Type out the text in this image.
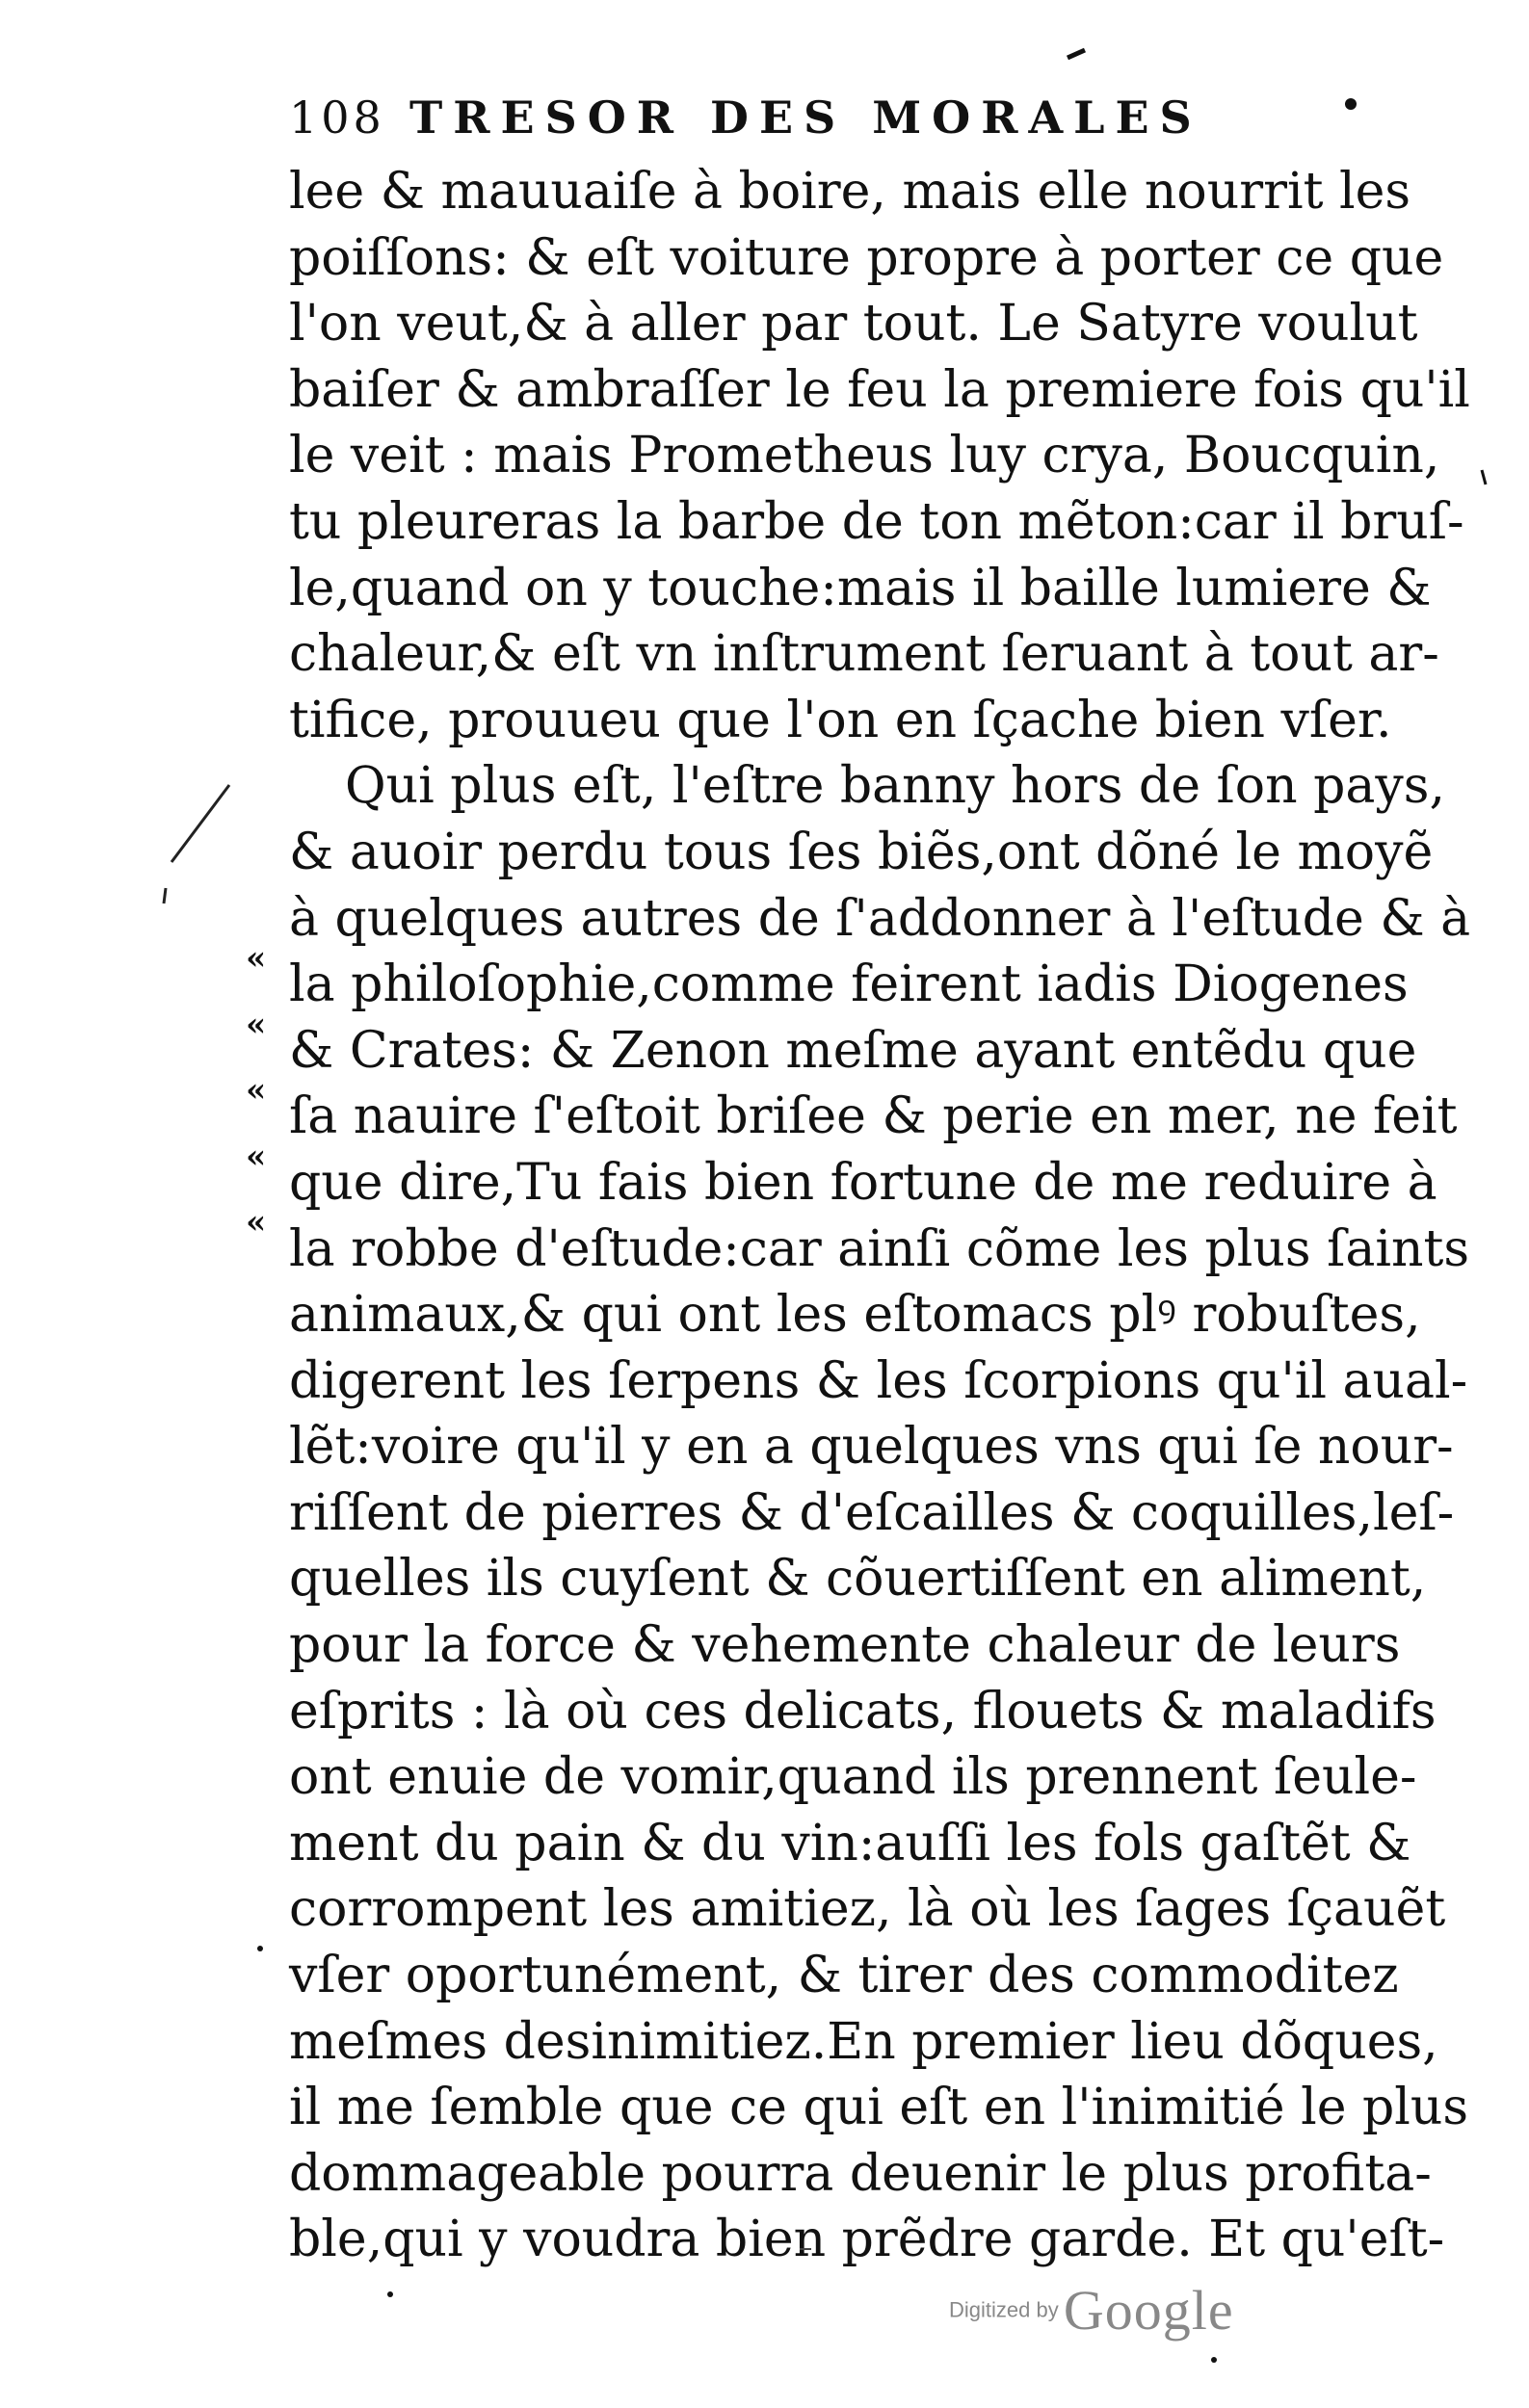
108 TRESOR DES MORALES
lee & mauuaiſe à boire, mais elle nourrit les
poiſſons: & eſt voiture propre à porter ce que
l'on veut,& à aller par tout. Le Satyre voulut
baiſer & ambraſſer le feu la premiere fois qu'il
le veit : mais Prometheus luy crya, Boucquin,
tu pleureras la barbe de ton mẽton:car il bruſ-
le,quand on y touche:mais il baille lumiere &
chaleur,& eſt vn inſtrument ſeruant à tout ar-
tifice, prouueu que l'on en ſçache bien vſer.
Qui plus eſt, l'eſtre banny hors de ſon pays,
& auoir perdu tous ſes biẽs,ont dõné le moyẽ
à quelques autres de ſ'addonner à l'eſtude & à
la philoſophie,comme feirent iadis Diogenes
& Crates: & Zenon meſme ayant entẽdu que
ſa nauire ſ'eſtoit briſee & perie en mer, ne feit
que dire,Tu fais bien fortune de me reduire à
la robbe d'eſtude:car ainſi cõme les plus ſaints
animaux,& qui ont les eſtomacs plꝰ robuſtes,
digerent les ſerpens & les ſcorpions qu'il aual-
lẽt:voire qu'il y en a quelques vns qui ſe nour-
riſſent de pierres & d'eſcailles & coquilles,leſ-
quelles ils cuyſent & cõuertiſſent en aliment,
pour la force & vehemente chaleur de leurs
eſprits : là où ces delicats, flouets & maladifs
ont enuie de vomir,quand ils prennent ſeule-
ment du pain & du vin:auſſi les fols gaſtẽt &
corrompent les amitiez, là où les ſages ſçauẽt
vſer oportunément, & tirer des commoditez
meſmes desinimitiez.En premier lieu dõques,
il me ſemble que ce qui eſt en l'inimitié le plus
dommageable pourra deuenir le plus profita-
ble,qui y voudra bien prẽdre garde. Et qu'eſt-
«
«
«
«
«
Digitized by Google
